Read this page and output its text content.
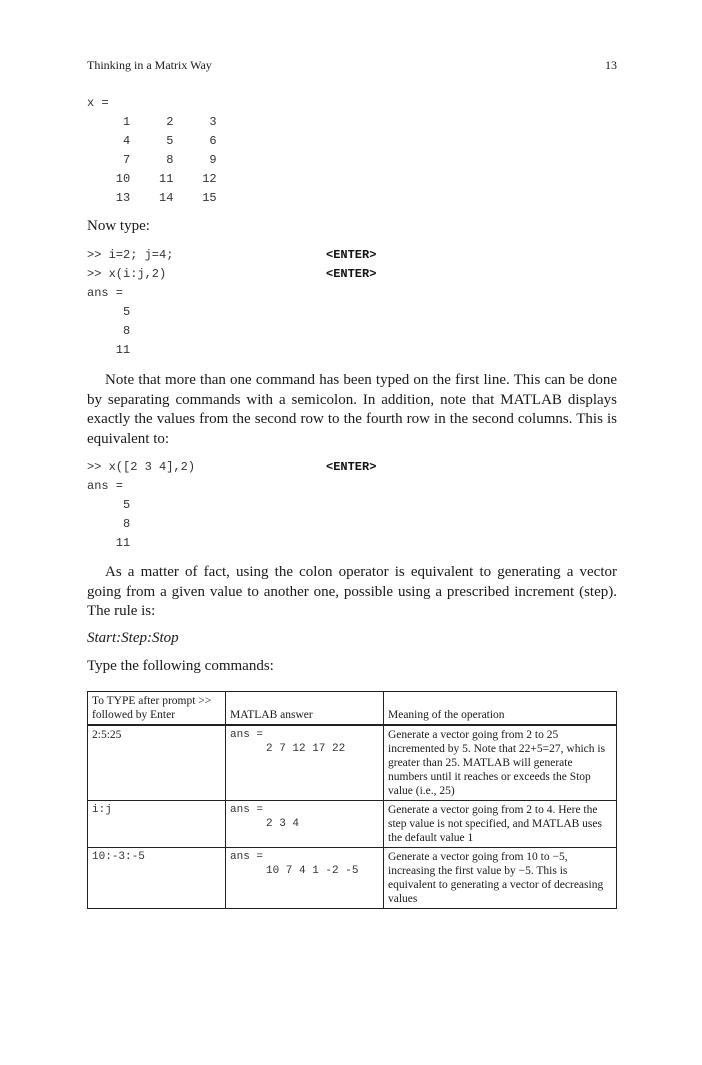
Thinking in a Matrix Way	13
x =
1     2     3
4     5     6
7     8     9
10    11    12
13    14    15

Now type:

>> i=2; j=4;	<ENTER>
>> x(i:j,2)	<ENTER>
ans =
5
8
11

Note that more than one command has been typed on the first line. This can be done by separating commands with a semicolon. In addition, note that MATLAB displays exactly the values from the second row to the fourth row in the second columns. This is equivalent to:

>> x([2 3 4],2)	<ENTER>
ans =
5
8
11

As a matter of fact, using the colon operator is equivalent to generating a vector going from a given value to another one, possible using a prescribed increment (step). The rule is:

Start:Step:Stop

Type the following commands:

To TYPE after prompt >> followed by Enter	MATLAB answer	Meaning of the operation
2:5:25	ans =
2 7 12 17 22	Generate a vector going from 2 to 25 incremented by 5. Note that 22+5=27, which is greater than 25. MATLAB will generate numbers until it reaches or exceeds the Stop value (i.e., 25)
i:j	ans =
2 3 4	Generate a vector going from 2 to 4. Here the step value is not specified, and MATLAB uses the default value 1
10:-3:-5	ans =
10 7 4 1 -2 -5	Generate a vector going from 10 to −5, increasing the first value by −5. This is equivalent to generating a vector of decreasing values
